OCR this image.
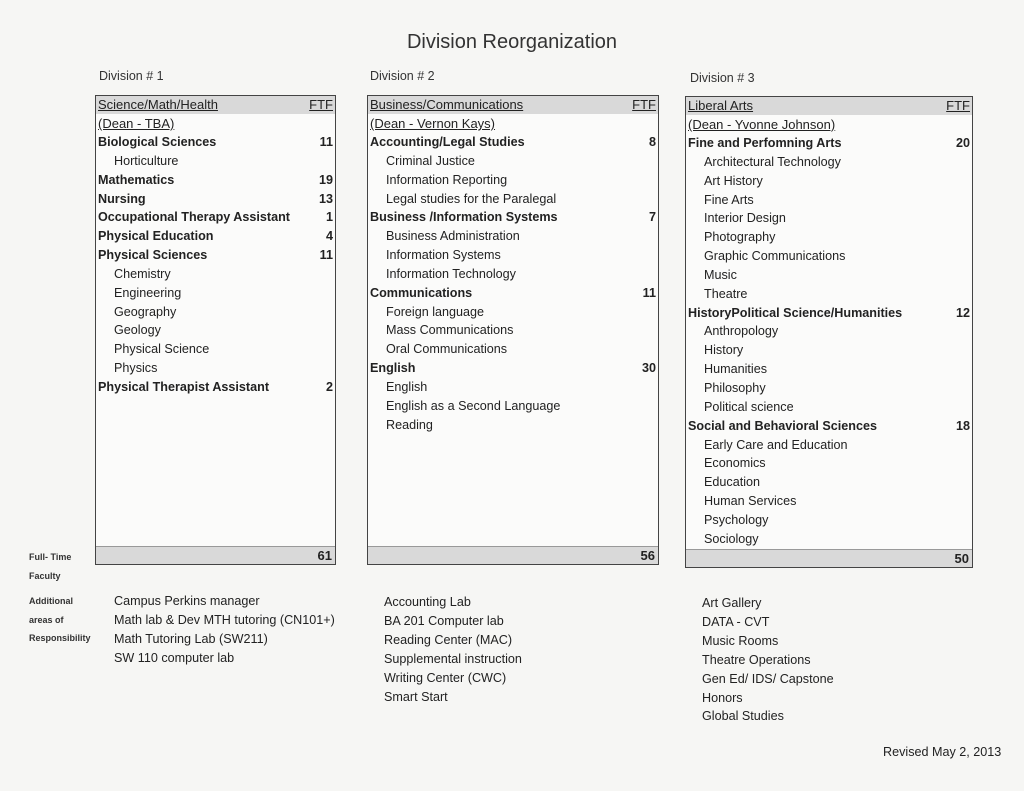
Division Reorganization
Division # 1	Division # 2	Division # 3
Science/Math/Health	FTF
(Dean - TBA)
Biological Sciences	11
Horticulture
Mathematics	19
Nursing	13
Occupational Therapy Assistant	1
Physical Education	4
Physical Sciences	11
Chemistry
Engineering
Geography
Geology
Physical Science
Physics
Physical Therapist Assistant	2
61
Business/Communications	FTF
(Dean - Vernon Kays)
Accounting/Legal Studies	8
Criminal Justice
Information Reporting
Legal studies for the Paralegal
Business /Information Systems	7
Business Administration
Information Systems
Information Technology
Communications	11
Foreign language
Mass Communications
Oral Communications
English	30
English
English as a Second Language
Reading
56
Liberal Arts	FTF
(Dean - Yvonne Johnson)
Fine and Perfomning Arts	20
Architectural Technology
Art History
Fine Arts
Interior Design
Photography
Graphic Communications
Music
Theatre
HistoryPolitical Science/Humanities	12
Anthropology
History
Humanities
Philosophy
Political science
Social and Behavioral Sciences	18
Early Care and Education
Economics
Education
Human Services
Psychology
Sociology
50
Full- Time
Faculty
Additional
areas of
Responsibility
Campus Perkins manager
Math lab & Dev MTH tutoring (CN101+)
Math Tutoring Lab (SW211)
SW 110 computer lab
Accounting Lab
BA 201 Computer lab
Reading Center (MAC)
Supplemental instruction
Writing Center (CWC)
Smart Start
Art Gallery
DATA - CVT
Music Rooms
Theatre Operations
Gen Ed/ IDS/ Capstone
Honors
Global Studies
Revised May 2, 2013
